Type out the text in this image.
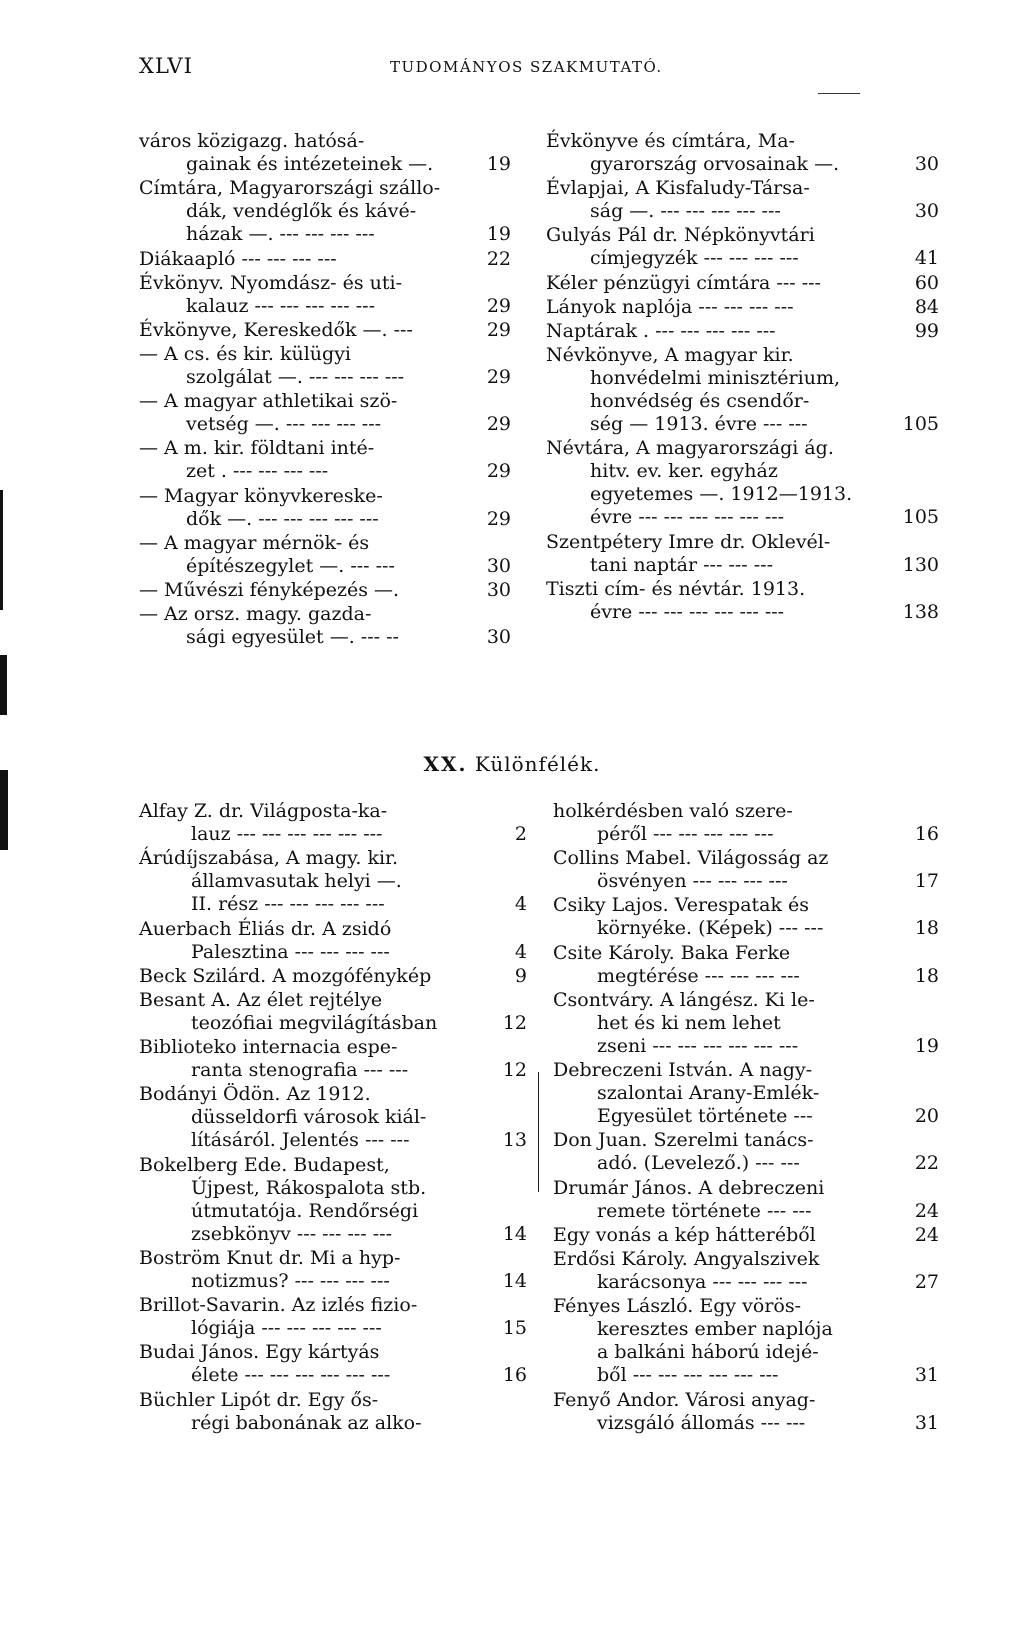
XLVI	TUDOMÁNYOS SZAKMUTATÓ.
város közigazg. hatósá-
gainak és intézeteinek —.	19
Címtára, Magyarországi szállo-
dák, vendéglők és kávé-
házak —. --- --- --- ---	19
Diákaapló --- --- --- ---	22
Évkönyv. Nyomdász- és uti-
kalauz --- --- --- --- ---	29
Évkönyve, Kereskedők —. ---	29
— A cs. és kir. külügyi
szolgálat —. --- --- --- ---	29
— A magyar athletikai szö-
vetség —. --- --- --- ---	29
— A m. kir. földtani inté-
zet . --- --- --- ---	29
— Magyar könyvkereske-
dők —. --- --- --- --- ---	29
— A magyar mérnök- és
építészegylet —. --- ---	30
— Művészi fényképezés —.	30
— Az orsz. magy. gazda-
sági egyesület —. --- --	30
Évkönyve és címtára, Ma-
gyarország orvosainak —.	30
Évlapjai, A Kisfaludy-Társa-
ság —. --- --- --- --- ---	30
Gulyás Pál dr. Népkönyvtári
címjegyzék --- --- --- ---	41
Kéler pénzügyi címtára --- ---	60
Lányok naplója --- --- --- ---	84
Naptárak . --- --- --- --- ---	99
Névkönyve, A magyar kir.
honvédelmi minisztérium,
honvédség és csendőr-
ség — 1913. évre --- ---	105
Névtára, A magyarországi ág.
hitv. ev. ker. egyház
egyetemes —. 1912—1913.
évre --- --- --- --- --- ---	105
Szentpétery Imre dr. Oklevél-
tani naptár --- --- ---	130
Tiszti cím- és névtár. 1913.
évre --- --- --- --- --- ---	138
XX. Különfélék.
Alfay Z. dr. Világposta-ka-
lauz --- --- --- --- --- ---	2
Árúdíjszabása, A magy. kir.
államvasutak helyi —.
II. rész --- --- --- --- ---	4
Auerbach Éliás dr. A zsidó
Palesztina --- --- --- ---	4
Beck Szilárd. A mozgófénykép	9
Besant A. Az élet rejtélye
teozófiai megvilágításban	12
Biblioteko internacia espe-
ranta stenografia --- ---	12
Bodányi Ödön. Az 1912.
düsseldorfi városok kiál-
lításáról. Jelentés --- ---	13
Bokelberg Ede. Budapest,
Újpest, Rákospalota stb.
útmutatója. Rendőrségi
zsebkönyv --- --- --- ---	14
Boström Knut dr. Mi a hyp-
notizmus? --- --- --- ---	14
Brillot-Savarin. Az izlés fizio-
lógiája --- --- --- --- ---	15
Budai János. Egy kártyás
élete --- --- --- --- --- ---	16
Büchler Lipót dr. Egy ős-
régi babonának az alko-
holkérdésben való szere-
péről --- --- --- --- ---	16
Collins Mabel. Világosság az
ösvényen --- --- --- ---	17
Csiky Lajos. Verespatak és
környéke. (Képek) --- ---	18
Csite Károly. Baka Ferke
megtérése --- --- --- ---	18
Csontváry. A lángész. Ki le-
het és ki nem lehet
zseni --- --- --- --- --- ---	19
Debreczeni István. A nagy-
szalontai Arany-Emlék-
Egyesület története ---	20
Don Juan. Szerelmi tanács-
adó. (Levelező.) --- ---	22
Drumár János. A debreczeni
remete története --- ---	24
Egy vonás a kép hátteréből	24
Erdősi Károly. Angyalszivek
karácsonya --- --- --- ---	27
Fényes László. Egy vörös-
keresztes ember naplója
a balkáni háború idejé-
ből --- --- --- --- --- ---	31
Fenyő Andor. Városi anyag-
vizsgáló állomás --- ---	31
